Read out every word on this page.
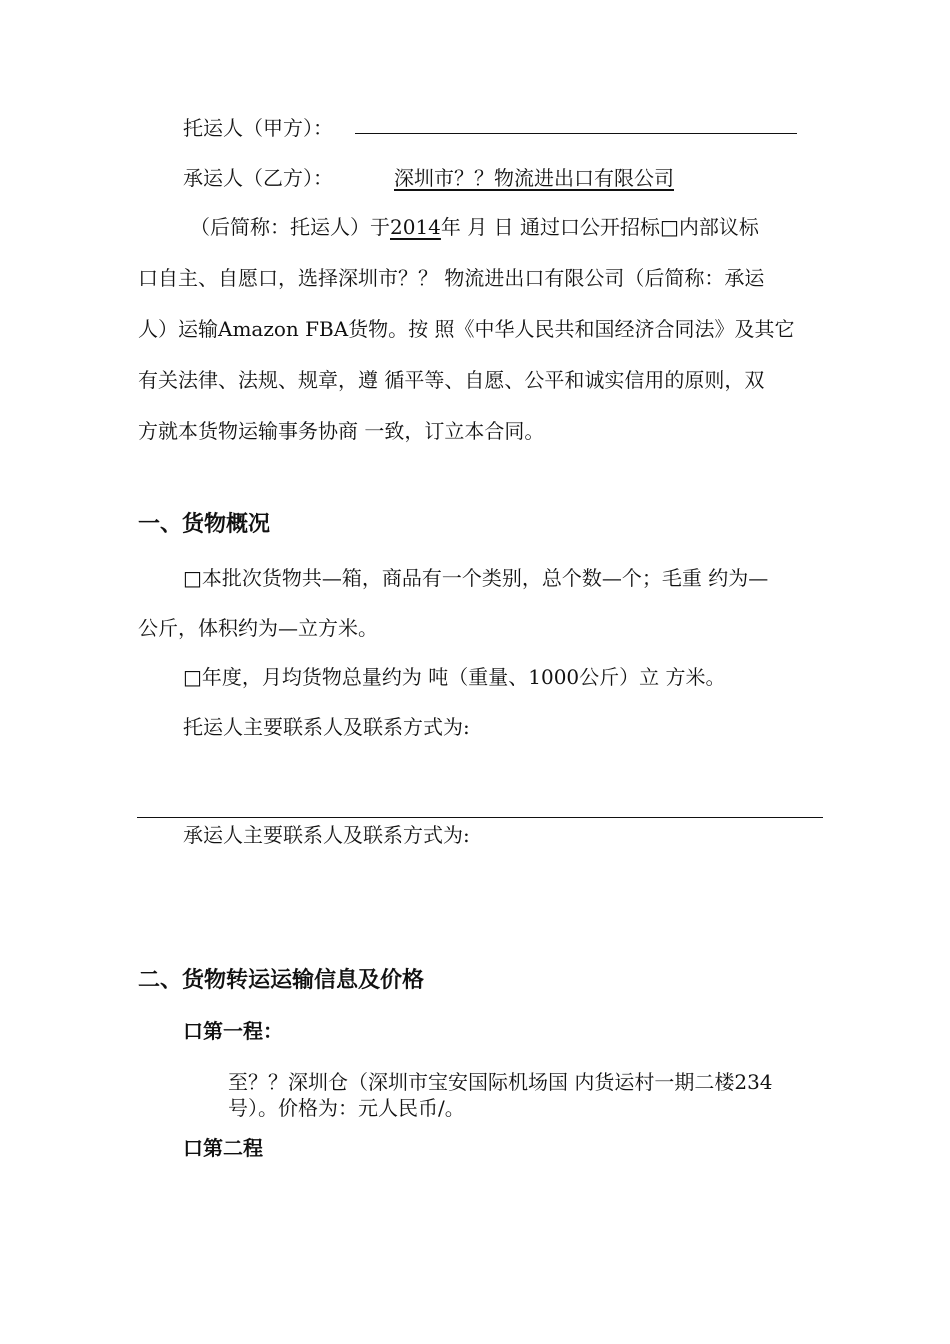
托运人（甲方）：
承运人（乙方）：	深圳市？？物流进出口有限公司
（后简称：托运人）于2014年 月 日 通过口公开招标□内部议标
口自主、自愿口，选择深圳市？？ 物流进出口有限公司（后简称：承运
人）运输Amazon FBA货物。按 照《中华人民共和国经济合同法》及其它
有关法律、法规、规章，遵 循平等、自愿、公平和诚实信用的原则，双
方就本货物运输事务协商 一致，订立本合同。
一、货物概况
□本批次货物共—箱，商品有一个类别，总个数—个；毛重 约为—
公斤，体积约为—立方米。
□年度，月均货物总量约为 吨（重量、1000公斤）立 方米。
托运人主要联系人及联系方式为:
承运人主要联系人及联系方式为:
二、货物转运运输信息及价格
口第一程：
至？？深圳仓（深圳市宝安国际机场国 内货运村一期二楼234
号）。价格为：元人民币/。
口第二程
